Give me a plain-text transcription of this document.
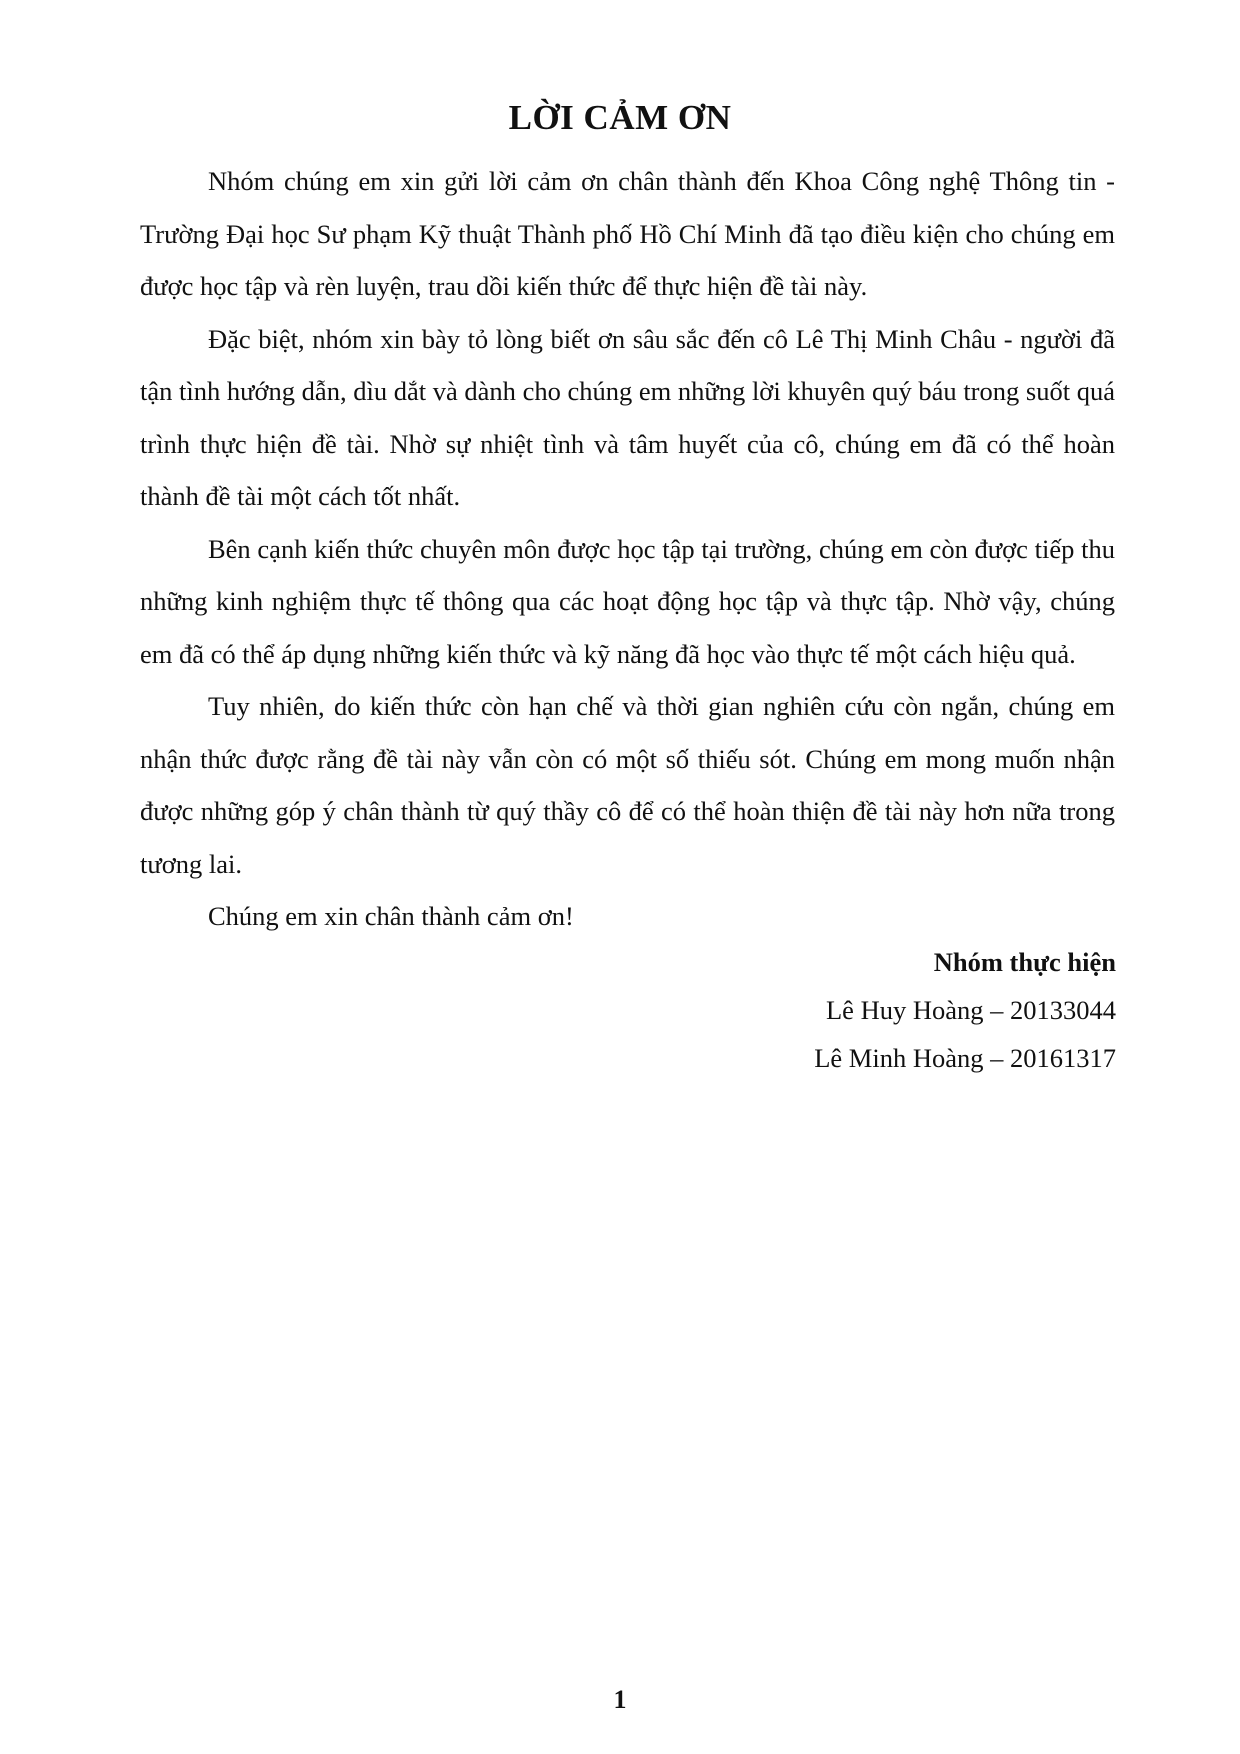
LỜI CẢM ƠN

Nhóm chúng em xin gửi lời cảm ơn chân thành đến Khoa Công nghệ Thông tin - Trường Đại học Sư phạm Kỹ thuật Thành phố Hồ Chí Minh đã tạo điều kiện cho chúng em được học tập và rèn luyện, trau dồi kiến thức để thực hiện đề tài này.

Đặc biệt, nhóm xin bày tỏ lòng biết ơn sâu sắc đến cô Lê Thị Minh Châu - người đã tận tình hướng dẫn, dìu dắt và dành cho chúng em những lời khuyên quý báu trong suốt quá trình thực hiện đề tài. Nhờ sự nhiệt tình và tâm huyết của cô, chúng em đã có thể hoàn thành đề tài một cách tốt nhất.

Bên cạnh kiến thức chuyên môn được học tập tại trường, chúng em còn được tiếp thu những kinh nghiệm thực tế thông qua các hoạt động học tập và thực tập. Nhờ vậy, chúng em đã có thể áp dụng những kiến thức và kỹ năng đã học vào thực tế một cách hiệu quả.

Tuy nhiên, do kiến thức còn hạn chế và thời gian nghiên cứu còn ngắn, chúng em nhận thức được rằng đề tài này vẫn còn có một số thiếu sót. Chúng em mong muốn nhận được những góp ý chân thành từ quý thầy cô để có thể hoàn thiện đề tài này hơn nữa trong tương lai.

Chúng em xin chân thành cảm ơn!

Nhóm thực hiện
Lê Huy Hoàng – 20133044
Lê Minh Hoàng – 20161317
1
